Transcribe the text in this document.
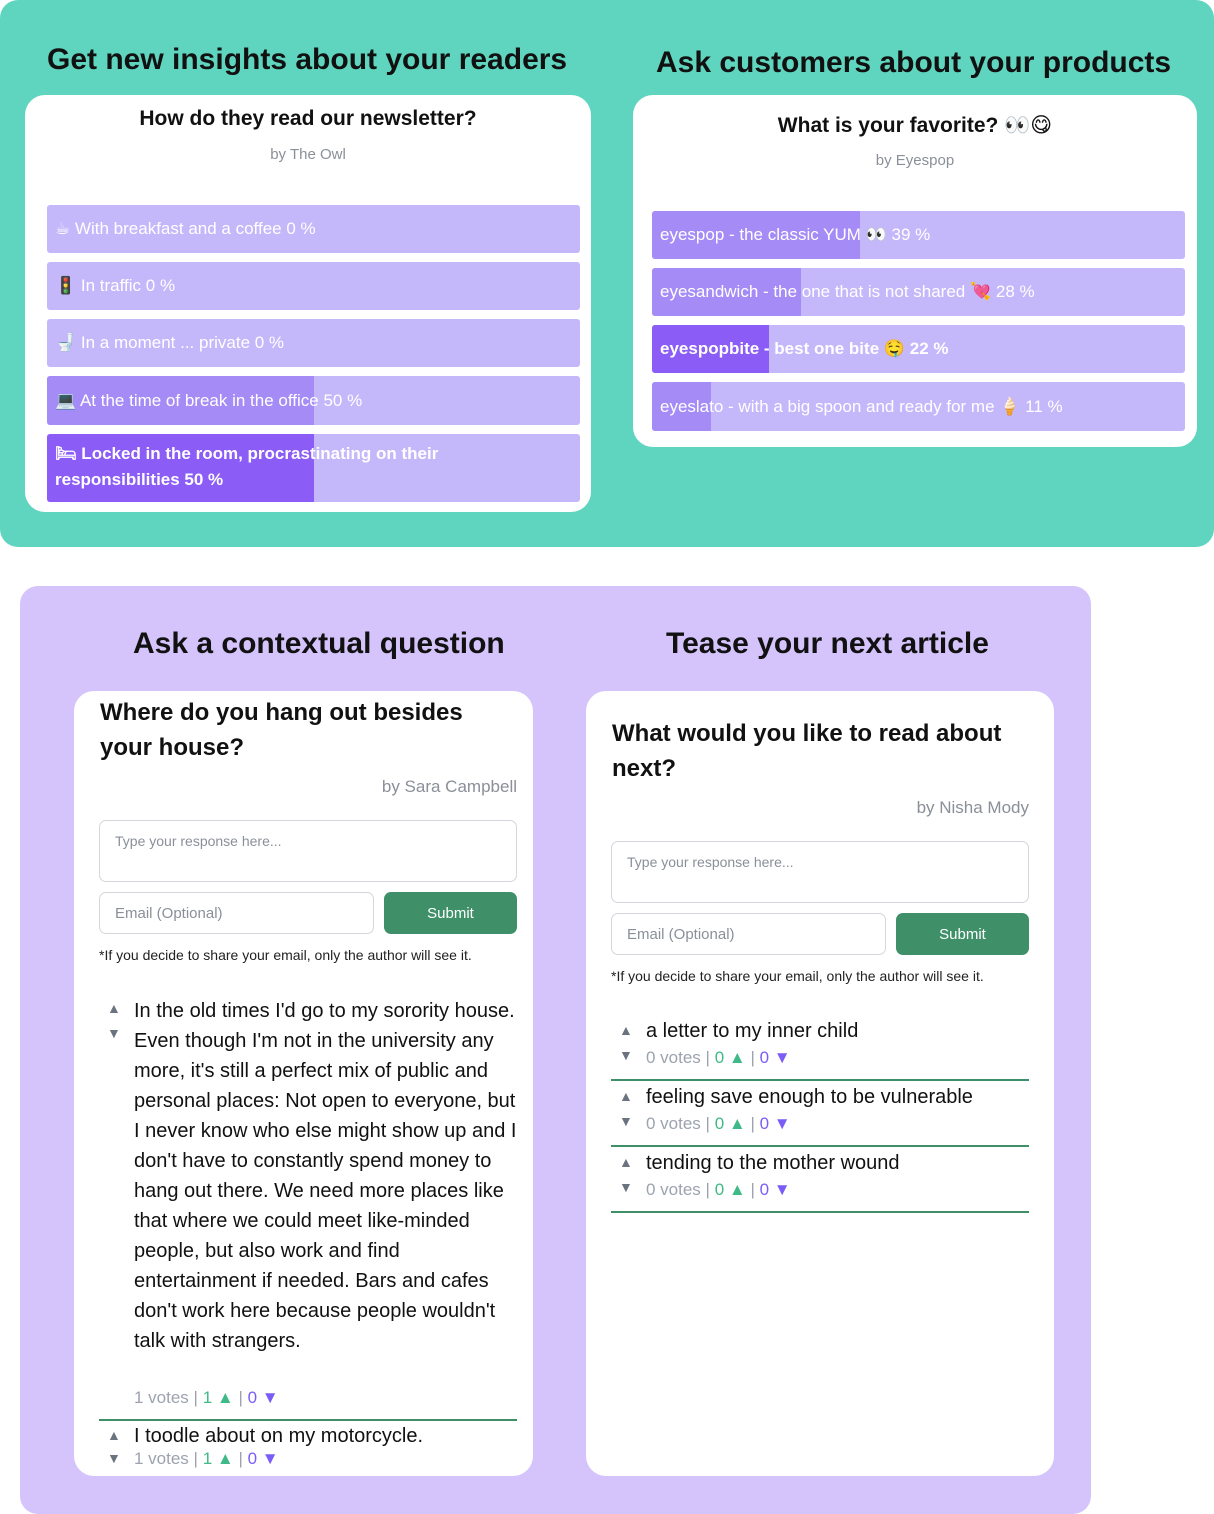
Get new insights about your readers	Ask customers about your products
How do they read our newsletter?
by The Owl
☕ With breakfast and a coffee 0 %
🚦 In traffic 0 %
🚽 In a moment ... private 0 %
💻 At the time of break in the office 50 %
🛏 Locked in the room, procrastinating on their responsibilities 50 %
What is your favorite? 👀😋
by Eyespop
eyespop - the classic YUM 👀 39 %
eyesandwich - the one that is not shared 💘 28 %
eyespopbite - best one bite 🤤 22 %
eyeslato - with a big spoon and ready for me 🍦 11 %
Ask a contextual question	Tease your next article
Where do you hang out besides your house?
by Sara Campbell
Type your response here...
Email (Optional)
Submit
*If you decide to share your email, only the author will see it.
▲
▼
In the old times I'd go to my sorority house. Even though I'm not in the university any more, it's still a perfect mix of public and personal places: Not open to everyone, but I never know who else might show up and I don't have to constantly spend money to hang out there. We need more places like that where we could meet like-minded people, but also work and find entertainment if needed. Bars and cafes don't work here because people wouldn't talk with strangers.
1 votes | 1 ▲ | 0 ▼
▲
▼
I toodle about on my motorcycle.
1 votes | 1 ▲ | 0 ▼
What would you like to read about next?
by Nisha Mody
Type your response here...
Email (Optional)
Submit
*If you decide to share your email, only the author will see it.
▲
▼
a letter to my inner child
0 votes | 0 ▲ | 0 ▼
▲
▼
feeling save enough to be vulnerable
0 votes | 0 ▲ | 0 ▼
▲
▼
tending to the mother wound
0 votes | 0 ▲ | 0 ▼
